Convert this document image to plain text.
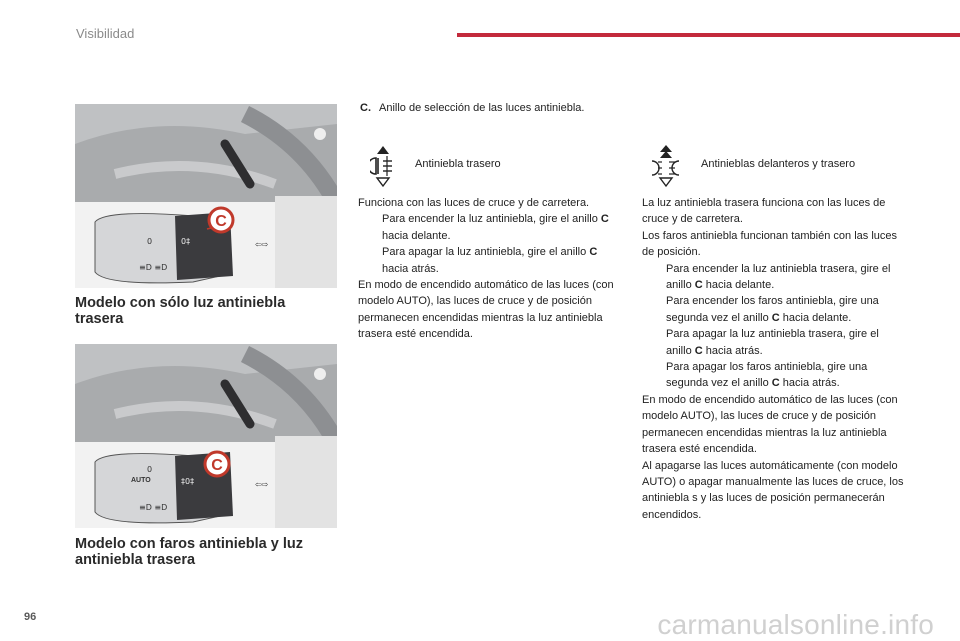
Visibilidad
0	0‡
≡D ≡D
⇦⇨
C

Modelo con sólo luz antiniebla trasera

0
‡0‡
≡D ≡D
⇦⇨
AUTO
C

Modelo con faros antiniebla y luz antiniebla trasera

C. Anillo de selección de las luces antiniebla.
Antiniebla trasero	Antinieblas delanteros y trasero

Funciona con las luces de cruce y de carretera.

Para encender la luz antiniebla, gire el anillo C hacia delante.

Para apagar la luz antiniebla, gire el anillo C hacia atrás.

En modo de encendido automático de las luces (con modelo AUTO), las luces de cruce y de posición permanecen encendidas mientras la luz antiniebla trasera esté encendida.

La luz antiniebla trasera funciona con las luces de cruce y de carretera.

Los faros antiniebla funcionan también con las luces de posición.

Para encender la luz antiniebla trasera, gire el anillo C hacia delante.

Para encender los faros antiniebla, gire una segunda vez el anillo C hacia delante.

Para apagar la luz antiniebla trasera, gire el anillo C hacia atrás.

Para apagar los faros antiniebla, gire una segunda vez el anillo C hacia atrás.

En modo de encendido automático de las luces (con modelo AUTO), las luces de cruce y de posición permanecen encendidas mientras la luz antiniebla trasera esté encendida.

Al apagarse las luces automáticamente (con modelo AUTO) o apagar manualmente las luces de cruce, los antiniebla s y las luces de posición permanecerán encendidos.

96	carmanualsonline.info
